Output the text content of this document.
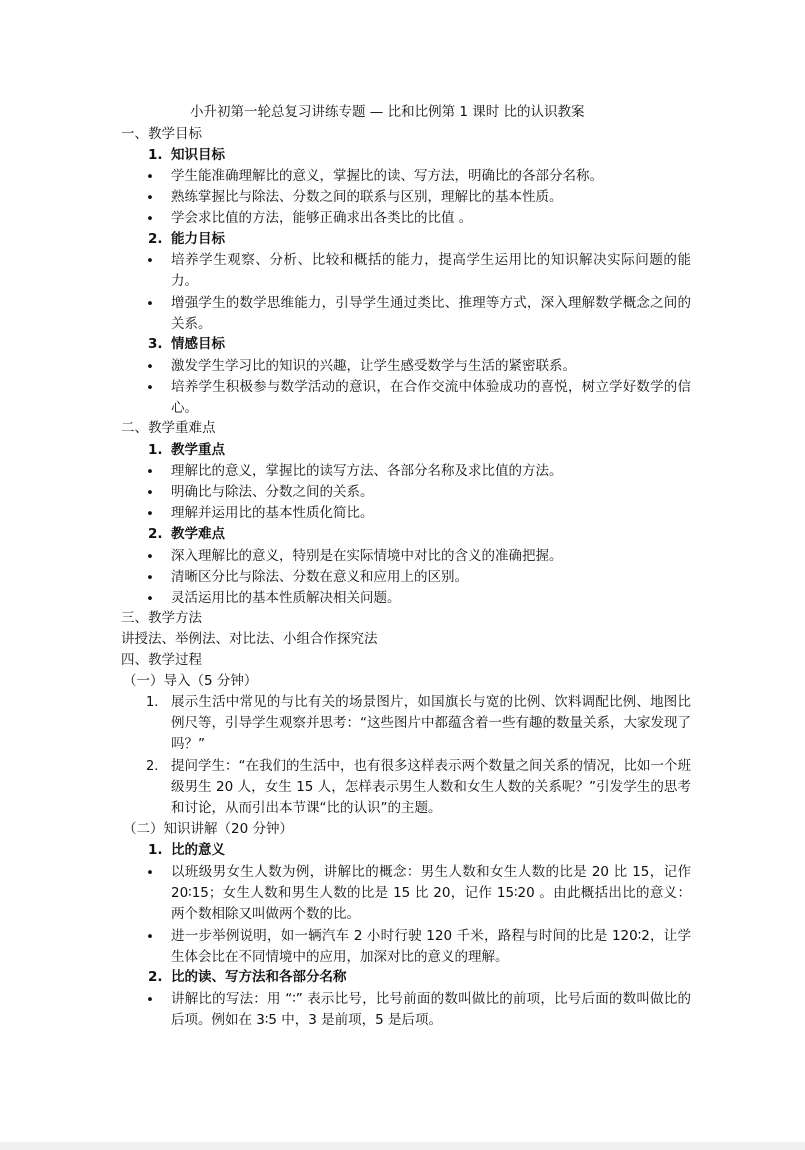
小升初第一轮总复习讲练专题 — 比和比例第 1 课时 比的认识教案
一、教学目标
1. 知识目标
• 学生能准确理解比的意义，掌握比的读、写方法，明确比的各部分名称。
• 熟练掌握比与除法、分数之间的联系与区别，理解比的基本性质。
• 学会求比值的方法，能够正确求出各类比的比值 。
2. 能力目标
• 培养学生观察、分析、比较和概括的能力，提高学生运用比的知识解决实际问题的能力。
• 增强学生的数学思维能力，引导学生通过类比、推理等方式，深入理解数学概念之间的关系。
3. 情感目标
• 激发学生学习比的知识的兴趣，让学生感受数学与生活的紧密联系。
• 培养学生积极参与数学活动的意识，在合作交流中体验成功的喜悦，树立学好数学的信心。
二、教学重难点
1. 教学重点
• 理解比的意义，掌握比的读写方法、各部分名称及求比值的方法。
• 明确比与除法、分数之间的关系。
• 理解并运用比的基本性质化简比。
2. 教学难点
• 深入理解比的意义，特别是在实际情境中对比的含义的准确把握。
• 清晰区分比与除法、分数在意义和应用上的区别。
• 灵活运用比的基本性质解决相关问题。
三、教学方法
讲授法、举例法、对比法、小组合作探究法
四、教学过程
（一）导入（5 分钟）
1. 展示生活中常见的与比有关的场景图片，如国旗长与宽的比例、饮料调配比例、地图比例尺等，引导学生观察并思考：“这些图片中都蕴含着一些有趣的数量关系，大家发现了吗？”
2. 提问学生：“在我们的生活中，也有很多这样表示两个数量之间关系的情况，比如一个班级男生 20 人，女生 15 人，怎样表示男生人数和女生人数的关系呢？”引发学生的思考和讨论，从而引出本节课“比的认识”的主题。
（二）知识讲解（20 分钟）
1. 比的意义
• 以班级男女生人数为例，讲解比的概念：男生人数和女生人数的比是 20 比 15，记作 20∶15；女生人数和男生人数的比是 15 比 20，记作 15∶20 。由此概括出比的意义：两个数相除又叫做两个数的比。
• 进一步举例说明，如一辆汽车 2 小时行驶 120 千米，路程与时间的比是 120∶2，让学生体会比在不同情境中的应用，加深对比的意义的理解。
2. 比的读、写方法和各部分名称
• 讲解比的写法：用 “∶” 表示比号，比号前面的数叫做比的前项，比号后面的数叫做比的后项。例如在 3∶5 中，3 是前项，5 是后项。
